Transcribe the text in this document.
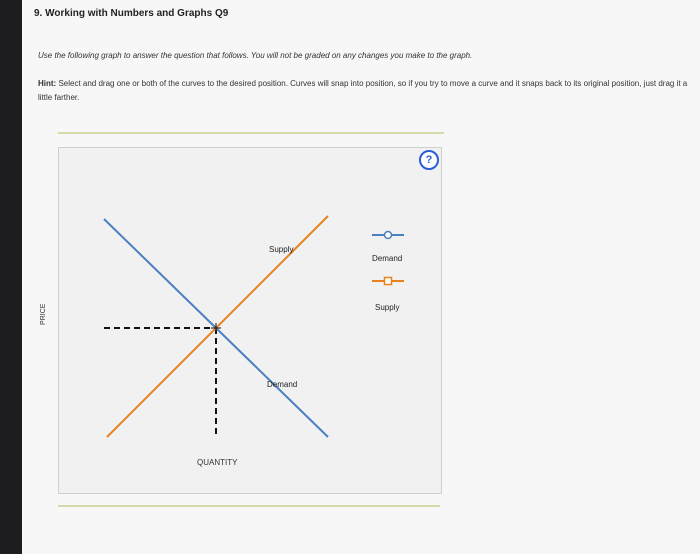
9. Working with Numbers and Graphs Q9
Use the following graph to answer the question that follows. You will not be graded on any changes you make to the graph.
Hint: Select and drag one or both of the curves to the desired position. Curves will snap into position, so if you try to move a curve and it snaps back to its original position, just drag it a little farther.
?
Supply
Demand
Demand
Supply
PRICE
QUANTITY
